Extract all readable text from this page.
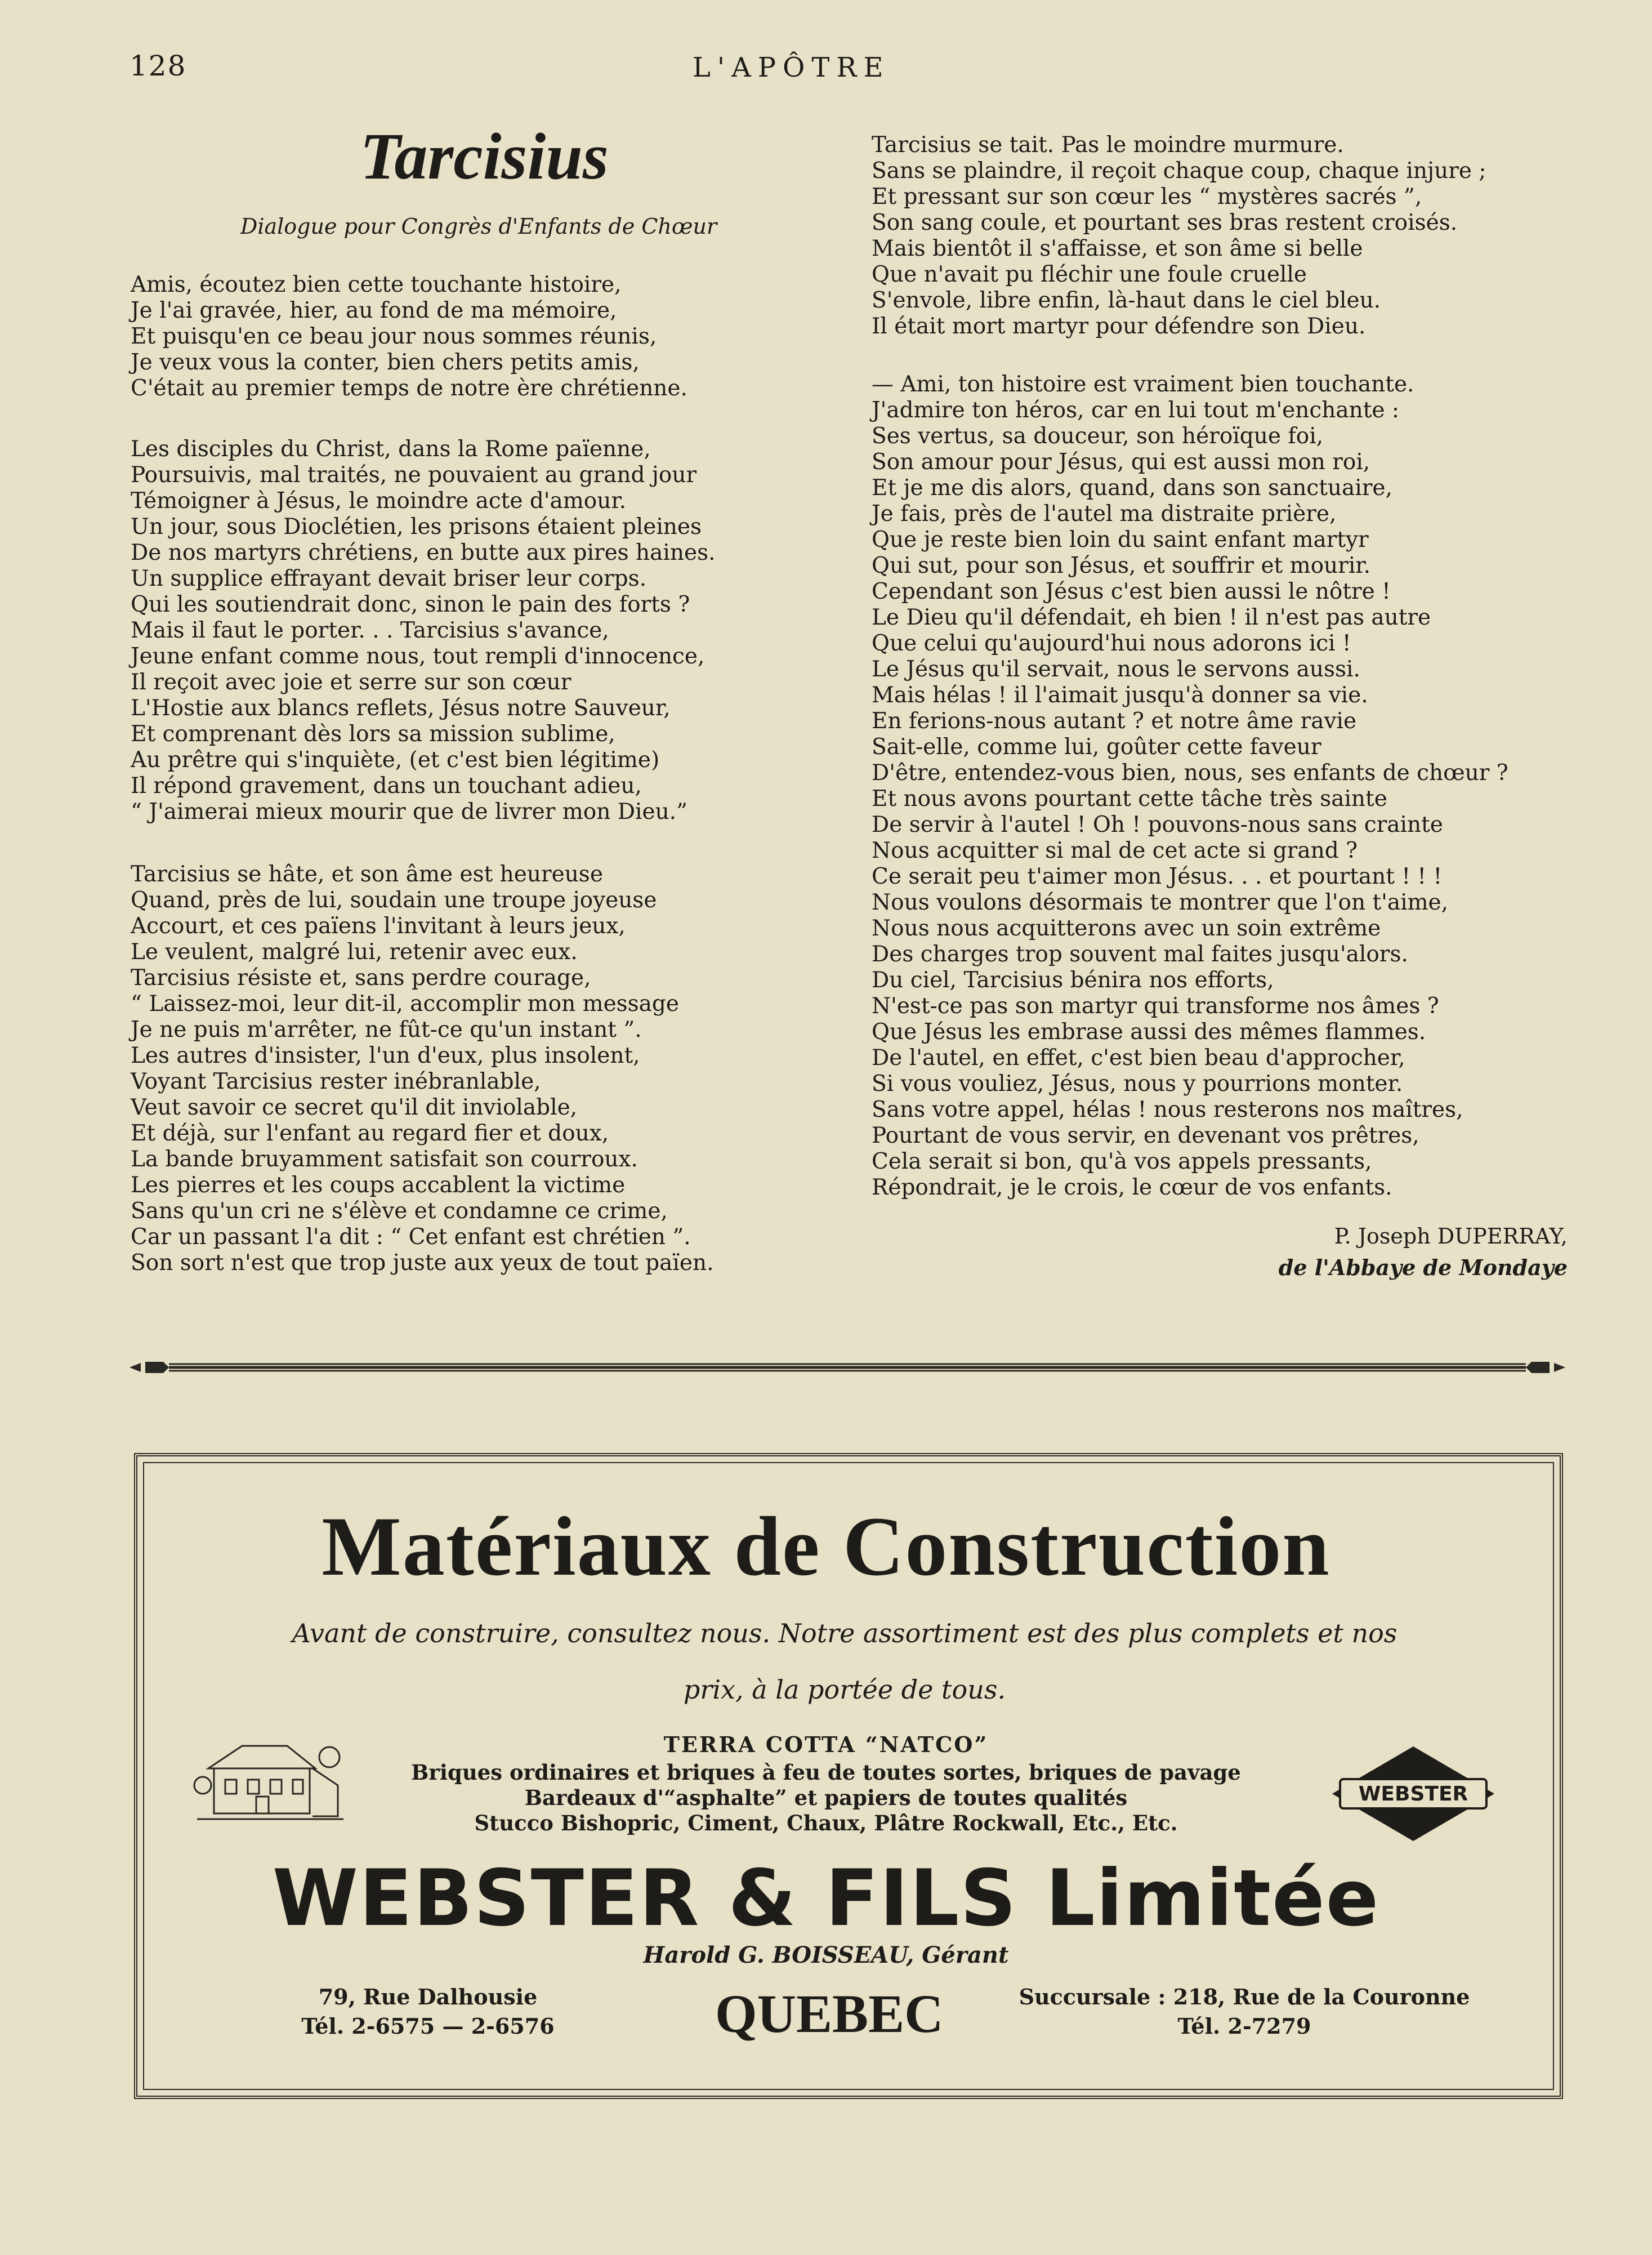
128	L'APÔTRE
Tarcisius
Dialogue pour Congrès d'Enfants de Chœur
Amis, écoutez bien cette touchante histoire,
Je l'ai gravée, hier, au fond de ma mémoire,
Et puisqu'en ce beau jour nous sommes réunis,
Je veux vous la conter, bien chers petits amis,
C'était au premier temps de notre ère chrétienne.
Les disciples du Christ, dans la Rome païenne,
Poursuivis, mal traités, ne pouvaient au grand jour
Témoigner à Jésus, le moindre acte d'amour.
Un jour, sous Dioclétien, les prisons étaient pleines
De nos martyrs chrétiens, en butte aux pires haines.
Un supplice effrayant devait briser leur corps.
Qui les soutiendrait donc, sinon le pain des forts ?
Mais il faut le porter. . . Tarcisius s'avance,
Jeune enfant comme nous, tout rempli d'innocence,
Il reçoit avec joie et serre sur son cœur
L'Hostie aux blancs reflets, Jésus notre Sauveur,
Et comprenant dès lors sa mission sublime,
Au prêtre qui s'inquiète, (et c'est bien légitime)
Il répond gravement, dans un touchant adieu,
“ J'aimerai mieux mourir que de livrer mon Dieu.”
Tarcisius se hâte, et son âme est heureuse
Quand, près de lui, soudain une troupe joyeuse
Accourt, et ces païens l'invitant à leurs jeux,
Le veulent, malgré lui, retenir avec eux.
Tarcisius résiste et, sans perdre courage,
“ Laissez-moi, leur dit-il, accomplir mon message
Je ne puis m'arrêter, ne fût-ce qu'un instant ”.
Les autres d'insister, l'un d'eux, plus insolent,
Voyant Tarcisius rester inébranlable,
Veut savoir ce secret qu'il dit inviolable,
Et déjà, sur l'enfant au regard fier et doux,
La bande bruyamment satisfait son courroux.
Les pierres et les coups accablent la victime
Sans qu'un cri ne s'élève et condamne ce crime,
Car un passant l'a dit : “ Cet enfant est chrétien ”.
Son sort n'est que trop juste aux yeux de tout païen.
Tarcisius se tait. Pas le moindre murmure.
Sans se plaindre, il reçoit chaque coup, chaque injure ;
Et pressant sur son cœur les “ mystères sacrés ”,
Son sang coule, et pourtant ses bras restent croisés.
Mais bientôt il s'affaisse, et son âme si belle
Que n'avait pu fléchir une foule cruelle
S'envole, libre enfin, là-haut dans le ciel bleu.
Il était mort martyr pour défendre son Dieu.
— Ami, ton histoire est vraiment bien touchante.
J'admire ton héros, car en lui tout m'enchante :
Ses vertus, sa douceur, son héroïque foi,
Son amour pour Jésus, qui est aussi mon roi,
Et je me dis alors, quand, dans son sanctuaire,
Je fais, près de l'autel ma distraite prière,
Que je reste bien loin du saint enfant martyr
Qui sut, pour son Jésus, et souffrir et mourir.
Cependant son Jésus c'est bien aussi le nôtre !
Le Dieu qu'il défendait, eh bien ! il n'est pas autre
Que celui qu'aujourd'hui nous adorons ici !
Le Jésus qu'il servait, nous le servons aussi.
Mais hélas ! il l'aimait jusqu'à donner sa vie.
En ferions-nous autant ? et notre âme ravie
Sait-elle, comme lui, goûter cette faveur
D'être, entendez-vous bien, nous, ses enfants de chœur ?
Et nous avons pourtant cette tâche très sainte
De servir à l'autel ! Oh ! pouvons-nous sans crainte
Nous acquitter si mal de cet acte si grand ?
Ce serait peu t'aimer mon Jésus. . . et pourtant ! ! !
Nous voulons désormais te montrer que l'on t'aime,
Nous nous acquitterons avec un soin extrême
Des charges trop souvent mal faites jusqu'alors.
Du ciel, Tarcisius bénira nos efforts,
N'est-ce pas son martyr qui transforme nos âmes ?
Que Jésus les embrase aussi des mêmes flammes.
De l'autel, en effet, c'est bien beau d'approcher,
Si vous vouliez, Jésus, nous y pourrions monter.
Sans votre appel, hélas ! nous resterons nos maîtres,
Pourtant de vous servir, en devenant vos prêtres,
Cela serait si bon, qu'à vos appels pressants,
Répondrait, je le crois, le cœur de vos enfants.
P. Joseph DUPERRAY,
de l'Abbaye de Mondaye
Matériaux de Construction
Avant de construire, consultez nous. Notre assortiment est des plus complets et nos
prix, à la portée de tous.
TERRA COTTA “NATCO”
Briques ordinaires et briques à feu de toutes sortes, briques de pavage
Bardeaux d'“asphalte” et papiers de toutes qualités
Stucco Bishopric, Ciment, Chaux, Plâtre Rockwall, Etc., Etc.
WEBSTER
WEBSTER & FILS Limitée
Harold G. BOISSEAU, Gérant
79, Rue Dalhousie
Tél. 2-6575 — 2-6576	QUEBEC	Succursale : 218, Rue de la Couronne
Tél. 2-7279
